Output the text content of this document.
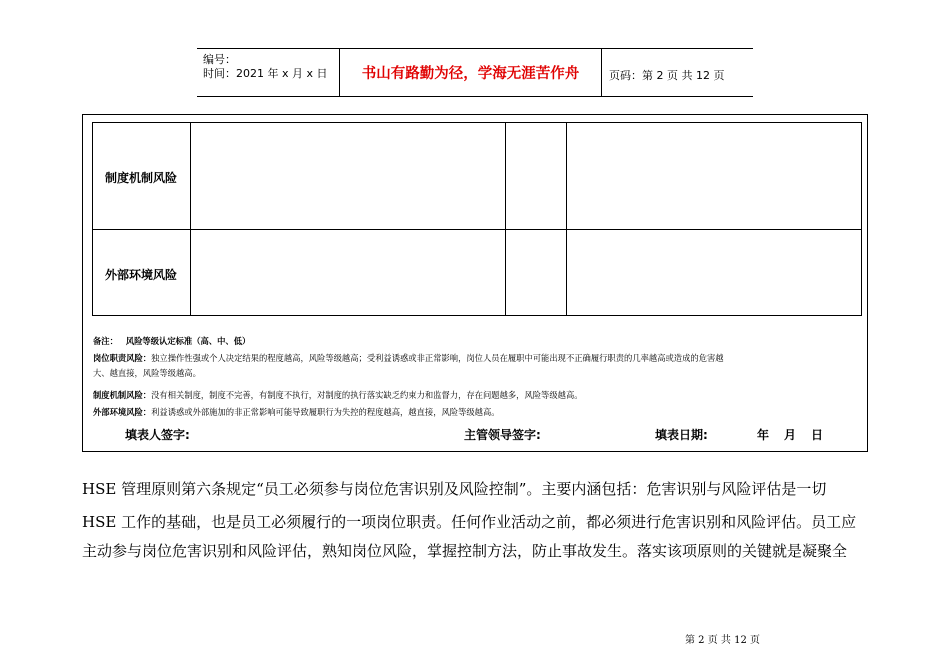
编号：
时间：2021 年 x 月 x 日	书山有路勤为径，学海无涯苦作舟	页码：第 2 页 共 12 页
制度机制风险
外部环境风险
备注： 风险等级认定标准（高、中、低）
岗位职责风险：独立操作性强或个人决定结果的程度越高，风险等级越高；受利益诱惑或非正常影响，岗位人员在履职中可能出现不正确履行职责的几率越高或造成的危害越
大、越直接，风险等级越高。
制度机制风险：没有相关制度，制度不完善，有制度不执行，对制度的执行落实缺乏约束力和监督力，存在问题越多，风险等级越高。
外部环境风险：利益诱惑或外部施加的非正常影响可能导致履职行为失控的程度越高，越直接，风险等级越高。
填表人签字:	主管领导签字:	填表日期:	年 月 日
HSE 管理原则第六条规定“员工必须参与岗位危害识别及风险控制”。主要内涵包括：危害识别与风险评估是一切
HSE 工作的基础，也是员工必须履行的一项岗位职责。任何作业活动之前，都必须进行危害识别和风险评估。员工应
主动参与岗位危害识别和风险评估，熟知岗位风险，掌握控制方法，防止事故发生。落实该项原则的关键就是凝聚全
第 2 页 共 12 页
